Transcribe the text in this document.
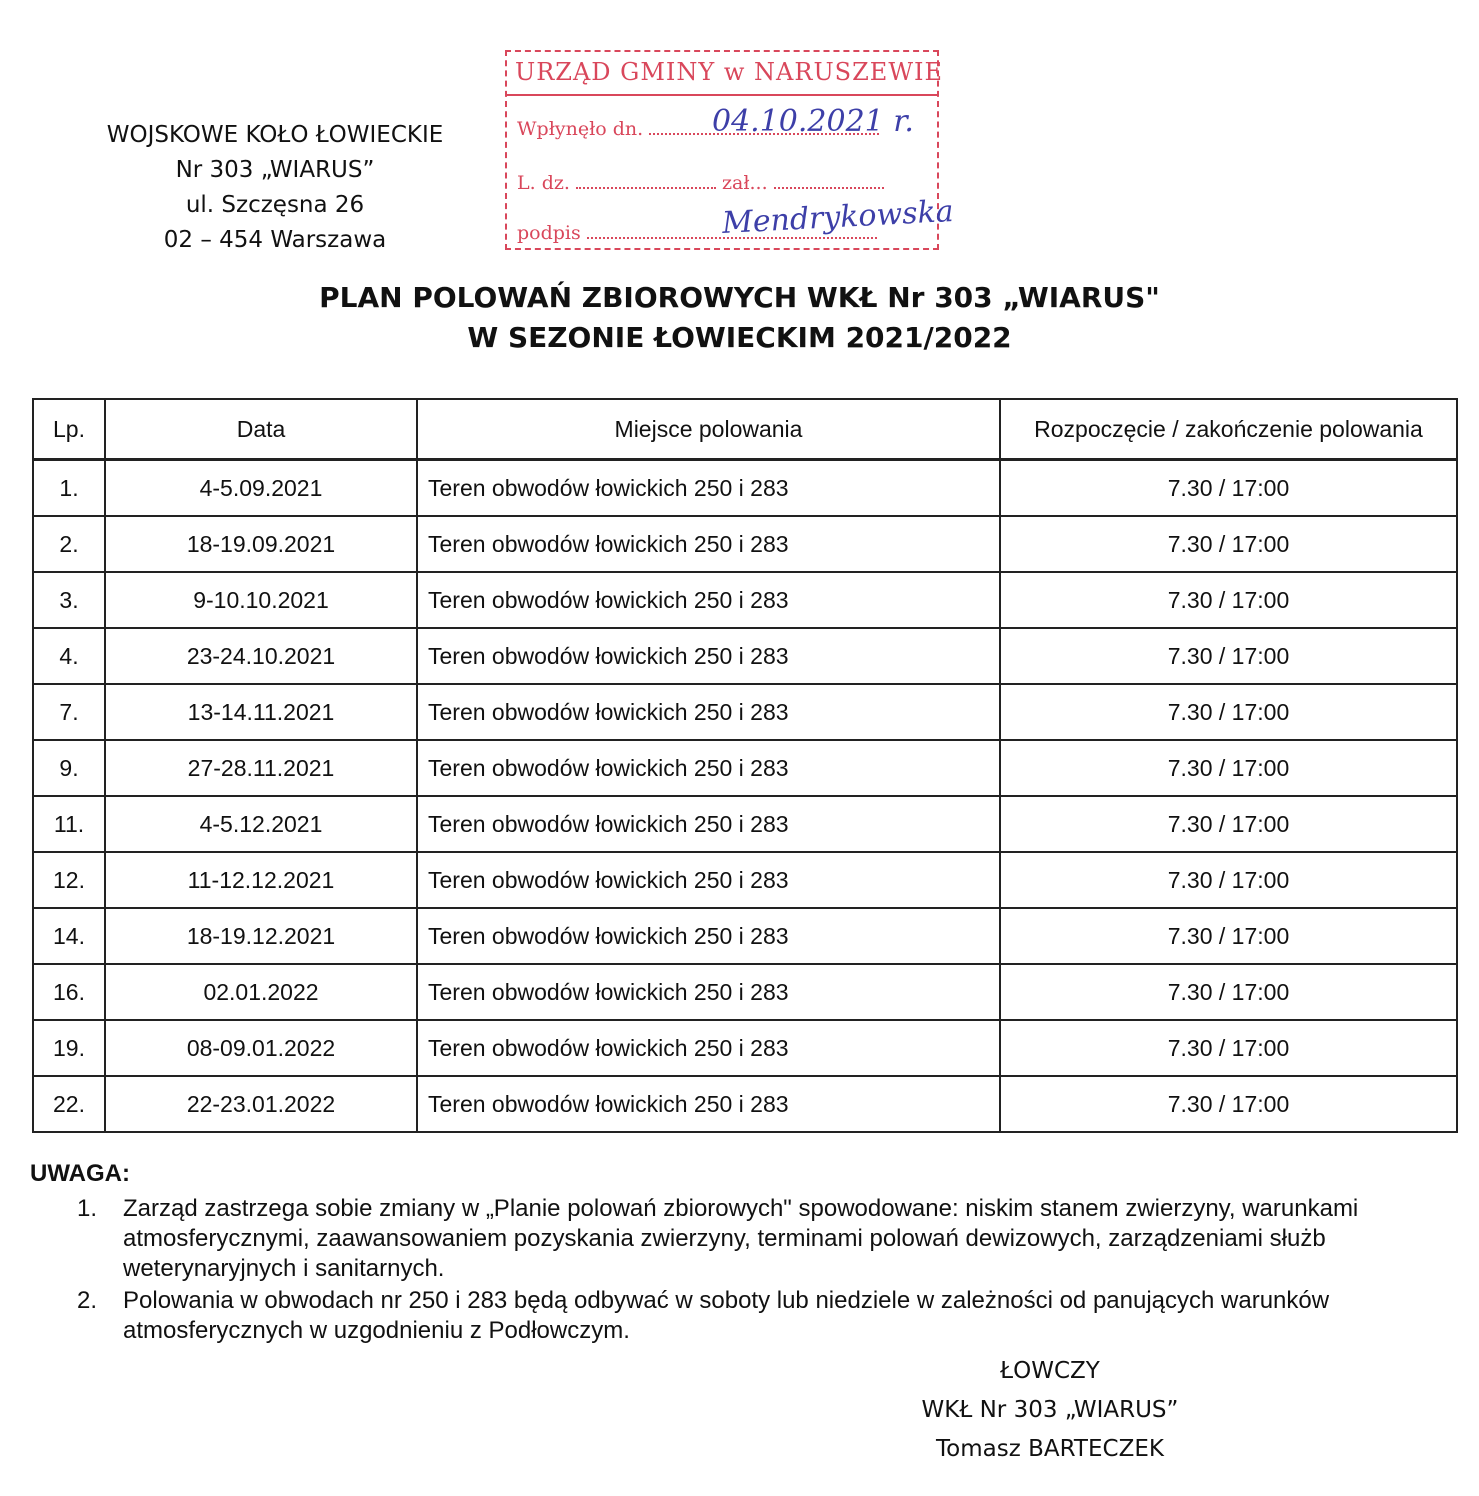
WOJSKOWE KOŁO ŁOWIECKIE
Nr 303 „WIARUS”
ul. Szczęsna 26
02 – 454 Warszawa
URZĄD GMINY w NARUSZEWIE
Wpłynęło dn.	04.10.2021 r.
L. dz.	zał...
podpis	Mendrykowska
PLAN POLOWAŃ ZBIOROWYCH WKŁ Nr 303 „WIARUS"
W SEZONIE ŁOWIECKIM 2021/2022
Lp.	Data	Miejsce polowania	Rozpoczęcie / zakończenie polowania
1.	4-5.09.2021	Teren obwodów łowickich 250 i 283	7.30 / 17:00
2.	18-19.09.2021	Teren obwodów łowickich 250 i 283	7.30 / 17:00
3.	9-10.10.2021	Teren obwodów łowickich 250 i 283	7.30 / 17:00
4.	23-24.10.2021	Teren obwodów łowickich 250 i 283	7.30 / 17:00
7.	13-14.11.2021	Teren obwodów łowickich 250 i 283	7.30 / 17:00
9.	27-28.11.2021	Teren obwodów łowickich 250 i 283	7.30 / 17:00
11.	4-5.12.2021	Teren obwodów łowickich 250 i 283	7.30 / 17:00
12.	11-12.12.2021	Teren obwodów łowickich 250 i 283	7.30 / 17:00
14.	18-19.12.2021	Teren obwodów łowickich 250 i 283	7.30 / 17:00
16.	02.01.2022	Teren obwodów łowickich 250 i 283	7.30 / 17:00
19.	08-09.01.2022	Teren obwodów łowickich 250 i 283	7.30 / 17:00
22.	22-23.01.2022	Teren obwodów łowickich 250 i 283	7.30 / 17:00
UWAGA:
1. Zarząd zastrzega sobie zmiany w „Planie polowań zbiorowych" spowodowane: niskim stanem zwierzyny, warunkami atmosferycznymi, zaawansowaniem pozyskania zwierzyny, terminami polowań dewizowych, zarządzeniami służb weterynaryjnych i sanitarnych.
2. Polowania w obwodach nr 250 i 283 będą odbywać w soboty lub niedziele w zależności od panujących warunków atmosferycznych w uzgodnieniu z Podłowczym.
ŁOWCZY
WKŁ Nr 303 „WIARUS”
Tomasz BARTECZEK
